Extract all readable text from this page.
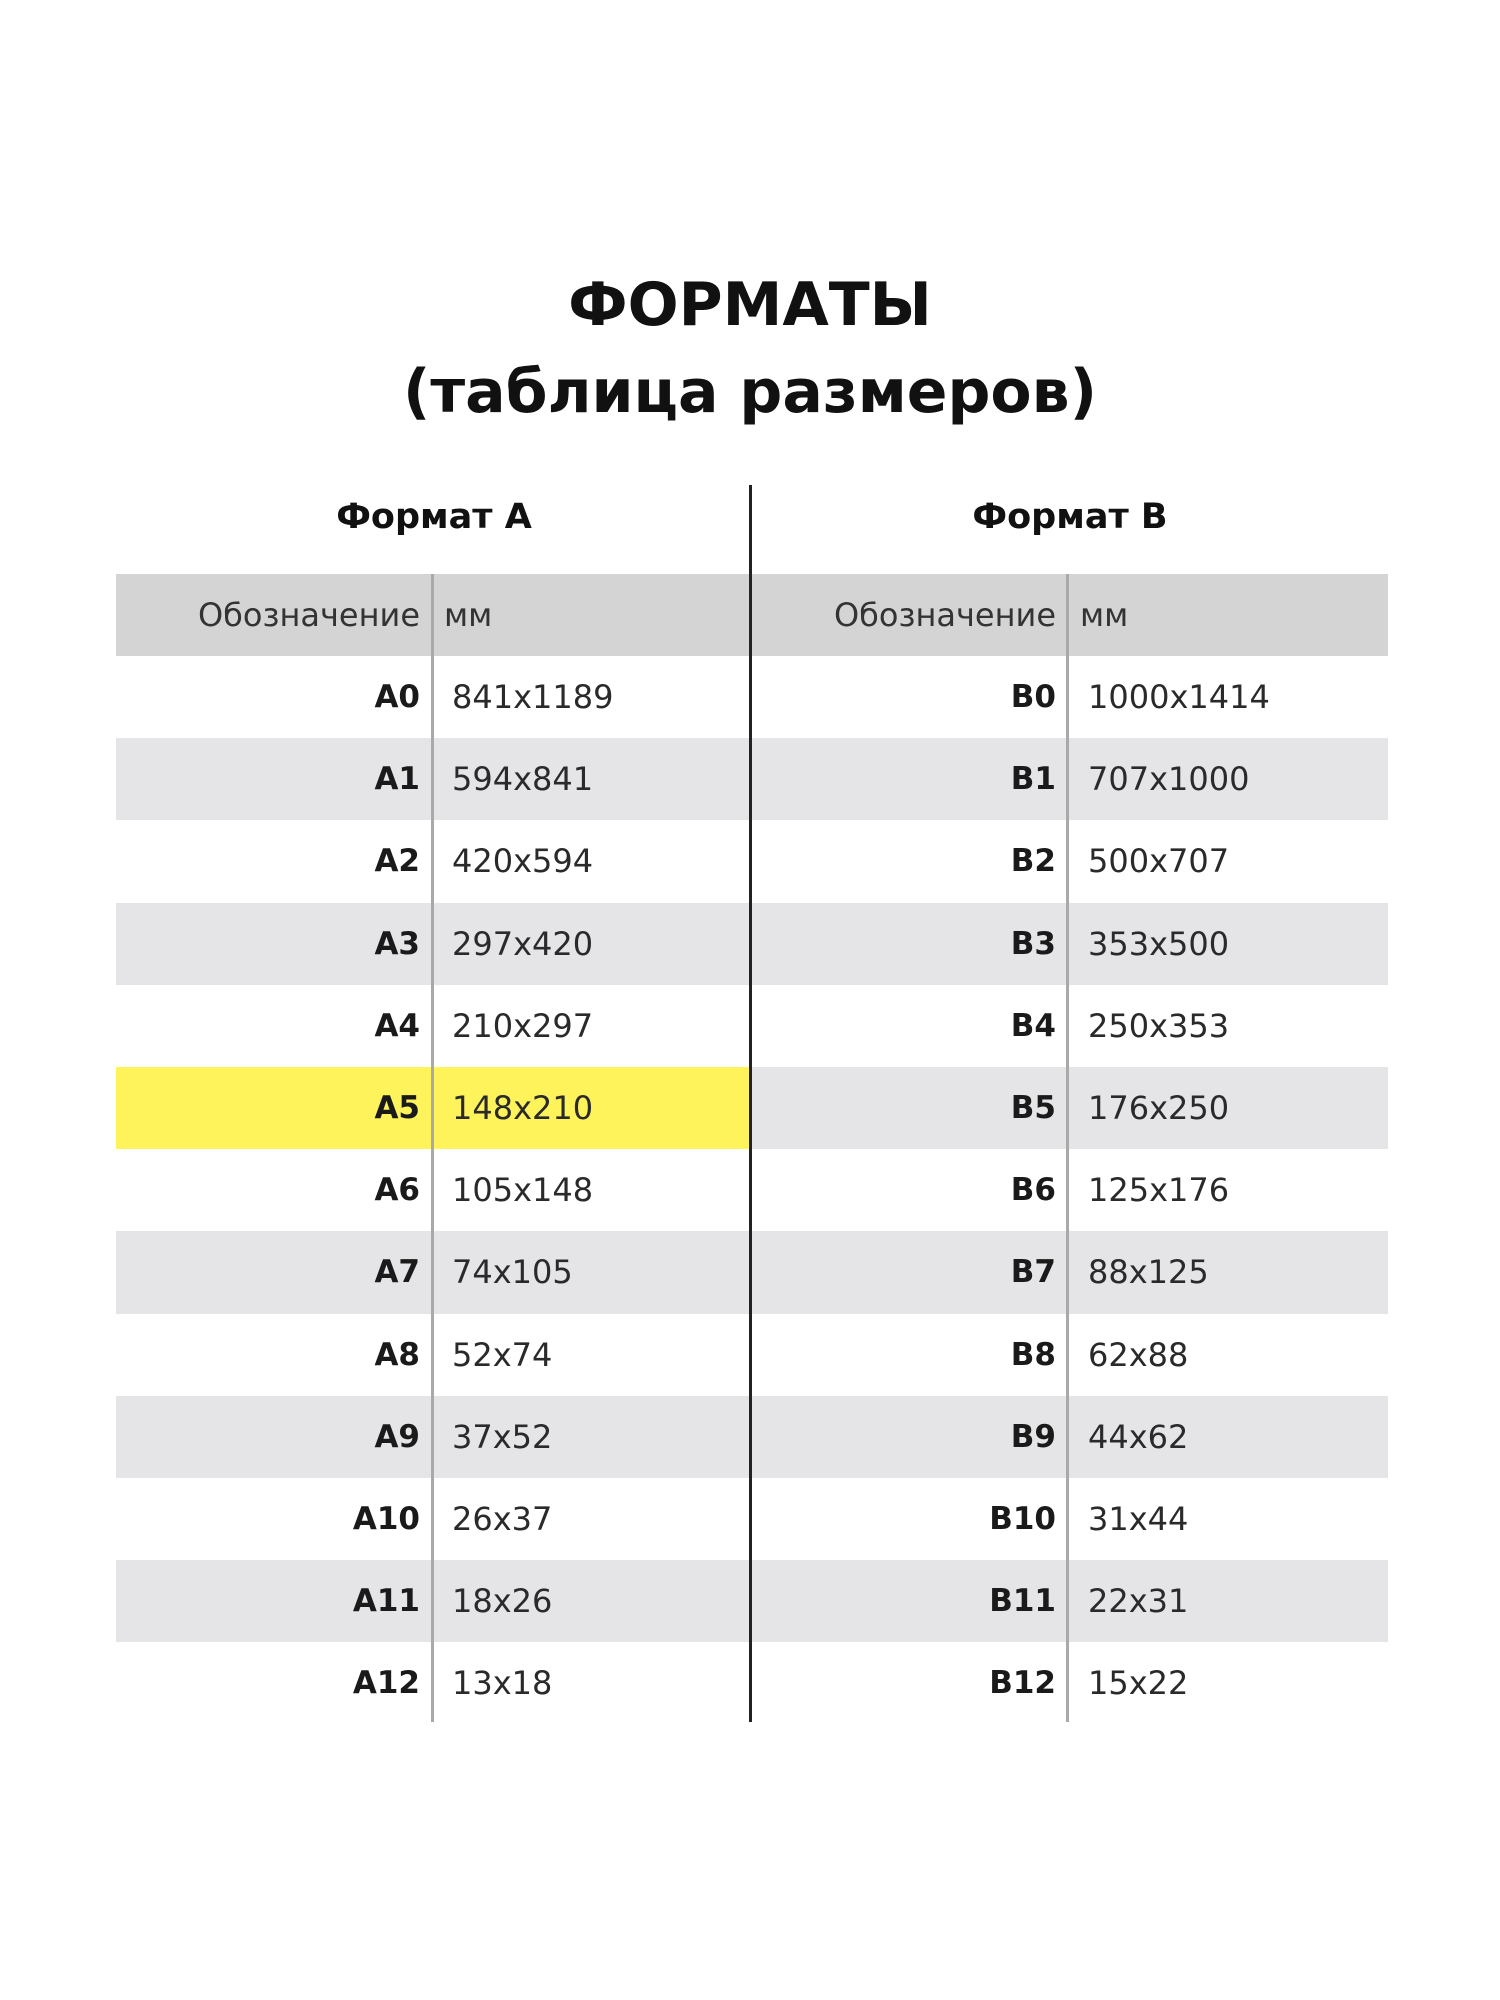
ФОРМАТЫ
(таблица размеров)
Формат А	Формат В
Обозначение мм	Обозначение мм
A0	841x1189	B0	1000x1414
A1	594x841	B1	707x1000
A2	420x594	B2	500x707
A3	297x420	B3	353x500
A4	210x297	B4	250x353
A5	148x210	B5	176x250
A6	105x148	B6	125x176
A7	74x105	B7	88x125
A8	52x74	B8	62x88
A9	37x52	B9	44x62
A10	26x37	B10	31x44
A11	18x26	B11	22x31
A12	13x18	B12	15x22
